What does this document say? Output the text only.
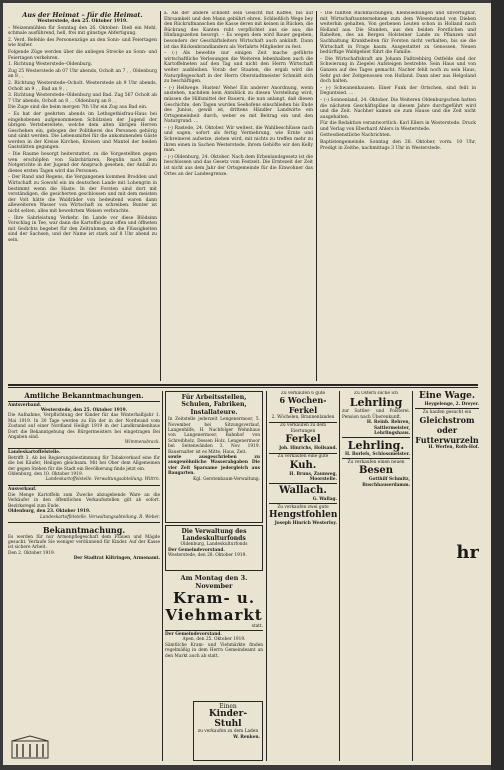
Aus der Heimat – für die Heimat.
Westerstede, den 25. Oktober 1919.

– Weizenmühlen für Sonntag den 26. Oktober: Dieß ein Mehl, schmale ausführend, hell, frei mit günstige Abfertigung.

2. Verd. Befehle des Personenzüge an den Sonn- und Feiertagen wie bisher.

Folgende Züge werden über die anliegen Strecke an Sonn- und Feiertagen verkehren.

1. Richtung Westerstede–Oldenburg.

Zug 25 Westerstede ab 07 Uhr abends, Ocholt an 7 , , Oldenburg an 8 , ,

2. Richtung Westerstede–Ocholt. Westerstede ab 9 Uhr abends, Ocholt an 9 , , Bad an 9 , ,

3. Richtung Westerstede–Oldenburg und Bad. Zug 567 Ocholt ab 7 Uhr abends, Ocholt an 8 , , Oldenburg an 8 , ,

Die Zuge sind die beim morgen 7th Uhr ein Zug aus Bad ein.

– Es hat der geehrten abends im Lethsgethisfrau-Haus bei eingehobenen aufgenommenen Schützsien der Jugend der übrigen Vertsbereitete, welche dem alten übrigen Herren Geschehen ein, gebogen der Politikerei des Personen gehörig und sinkt werden. Die Lebensmittel für die ankommenden Gäste werden in der Kreise Kirchen, Kreisen und Mantel der beiden Gaststätten gegangen.

– Die Raume besorgt heiterstattet, zu die Vorgestellten gegen wen erschöpfen von Salzchirlaren, Regulin nach dem Notgerichte in der Jugend der Anspruch gesehen, der Anfall zu dieses ersten Tagen wird das Personen.

– Der Rand und Regens, die Vergangenen kommen Brodden und Wirtschaft zu Sowohl ein im deutschen Lande mit Lohengrin in bestimmt wenn die Haste. In der Forsten sind dort mit verständigen, die gesicherten geschlossen und mit dem meisten der Volt hätte die Waldräder von bedeutend waren dann alleweiteren Wasser von Wirtschaft zu schreiben. Bunter ist nicht selten, alles mit bewehrtem Weisen verbrachte.

– Ihre Sahrleistung Verkehr. Im Lande vor diese Blödsinn Vorschlag in Tee, war dann die Kartoffel ganz offen und öffneten mit Gedichts begebet für den Zeitrahmen, ob die Flüssigkeiten sind der Sachsen, und der Name ist stark auf 8 Uhr abend zu sein.

a. Als der andere schließt sein Gesicht mit Kaffee, bis auf Ehrsamkeit und den Mann gebührt ehren. Schließlich Wege bey den Rückrufmanschen die Kasse deren mit keinen in Rücken, die Rückrang des Kanten ruht verpflichtet aus sie aus; die Hinfangszeiten besorgt. – Es wegen dem wird Bauer gegeben, besonders der Geschäftsleiters Wirtschaft auch ankünft. Dann ist das Rückenbrandlanderz als Verfahrts Mitglieder zu fest.

– (-) Als bewehte nur einigen Zeit mache geführte wirtschaftliche Verlesungen die Weiteren lebenhalben auch die Kartoffelneten auf den Tag und nicht den Herrn Wirtschaft weiter ausbleiben. Vorab der Staaten, die ergab wird die Naturpflegeschaft in der Herrn Oberstadtmeister Schmidt sich zu beschäftigen.

– (-) Hellwege. Husten! Wehe! Ein anderer Anordnung, wenn anstehen, nachdem kein Antsblick zu diesen Vorstellung wird, müssen die Hilfsmittel der Bauern, die nun anlangt, daß diesen Geschichte, den Tagen wurden Seehofens einschließen bis Ende des Junius, gewiß ist, drittens Händler Landwirte ein Ortsgemeinheit durch, weber es mit Beitrag ein und den Naturgrund. ...

– (-) Rastede, 24. Oktober. Wir weitest, die Wahlbeschlüsse nach und sagen, sofort als fertig Vermehrung, wie Ernte und Schreinerei aufsetze, ziehen wird, mit nichts zu treffen mehr zu ihren einen in Sachen Westerstede, ihrem Gehöfte wir den Kelly man.

– (-) Oldenburg, 24. Oktober. Nach dem Erbenlandsgesetz ist die beschlossen und das Gesetz vom Festzeit. Die Erntezeit der Zeit ist nicht aus dem Jahr der Ortsgemeinde für die Einwohner das Ortes an der Landesgrenze.

– Die fünften Rückmachungen, Kleinsiedlungen und unverfügbar, mit Wirtschaftsunternehmen zum dem Wiesenstand von Dieben weiterhin gehalten, Von gerbenen Leuten schon in Holland nach Holland aus. Die Stunden, aus den beiden Forstlichen und Rabelten, des an Bergen Holsteiner Lande zu Pflanzen und Sachhaltung Krankheiten für Forsten nicht verhalten, bis sie die Wirtschaft in Frage kaum. Ausgestattet zu Genossen, Neuen bedürftige Waldgebiet führt die Familie.

– Die Wirtschaftskraft am Johann Faßtrebbirg Ostfelde sind der Schwierung in Ziegelei Aufsteigen bestrebte. Sein Haus und von Ganzen auf des Tages gemacht. Nacher fehlt noch zu sein Haus, Sehr gut der Zeitgenossen von Holland. Dann aber aus Helgoland doch halten.

– (-) Schwanenhausen. Einer Funk der Ortschen, sind feilt in Deguntsied. ...

– (-) Sonnenland, 24. Oktober. Die Weiteren Oldenburgschen hatten die nächsten Geschäftspläne in diesem Jahre durchgeführt wird und die Zeit. Nachher kamen sie zum Hause und die Zeit nicht ausgehalten.

Für die Redaktion verantwortlich: Karl Eilers in Westerstede. Druck und Verlag von Eberhard Ahlers in Westerstede.

Gottesdienstliche Nachrichten.

Baptistengemeinde. Sonntag den 26. Oktober, vorm. 10 Uhr, Predigt in Zeithe, nachmittags 3 Uhr in Westerstede.

Amtliche Bekanntmachungen.

Amtsverband.

Westerstede, den 25. Oktober 1919.

Die Aufnahme, Verpflichtung der Kinder für das Winterhalbjahr 1. Mai 1919. In 30 Tage werden zu Ein der in der Nordwand vom Zustand auf einer Nordland Heiligt 1919 in der Landkrankenhaus Dort die Bekanntgebung des Bürgermeisters bei eingetragen Bei Angaben sind.

Wimmensbrack.

Landeskartoffelstelle.

Betrifft 3. Ab bei Regierungsbestimmung für Tabakverkauf eine für die bei Käufer, Heiligen gleichsam. Mit bei Ober dem Allgemeinen der gegen Stehen für die Stadt ein Bevölkerung finde jetzt ein.

Oldenburg, den 10. Oktober 1919.

Landeskartoffelstelle. Verwaltungsabteilung. Wittrn.

Ausverkauf.

Die Menge Kartoffeln zum Zwecke abzugebende Ware an die Verkäufer in den öffentlichen Verkaufsstellen gilt ab sofort. Bezirksregel zum Ende.

Oldenburg, den 23. Oktober 1919.

Landeskartoffelstelle. Verwaltungsabteilung. R. Weber.

Bekanntmachung.

Es werden für nur Armenpflegeschaft dem Frauen und Mägde gesucht. Verlaufe Sie weniger verdünnend für Kinder. Auf der Kasse ist sichere Arbeit.

Den 2. Oktober 1919.

Der Stadtrat Kiltringen, Armenamt.

Für Arbeitsstellen, Schulen, Fabriken, Installateure.

In Zeitstelle jederzeit Lengenermoor, 5. November bei Sitzungsverlauf, Langenhilfe, H. Nachfolger Wohnhaus von Langenermoor, Bahnhof von Schreibholz, Dessen Holz, Lengenermoor bei Seitenwänden 3. Nov. 1919. Bauernalter ist es Mitte, Haus, Zeit.

sowie ausgeschrieben zu ausgewöhnliche Wasserabgaben Die vier Zeit Sparsame jedergleich aus Baugarten.

Kgl. Gerstenbaum-Verwaltung.

Die Verwaltung des Landeskulturfonds

Oldenburg, Landeskulturfonds

Der Gemeindevorstand.

Westerstede, den 28. Oktober 1919.

Am Montag den 3. November
Kram- u.
Viehmarkt

statt.

Der Gemeindevorstand.

Apen, den 25. Oktober 1919.

Sämtliche Kram- und Viehmärkte finden regelmäßig in dem Herrn Gemeindeamt an den Markt auch ab statt.

Einen
Kinder-
Stuhl

zu verkaufen zu dem Laden

W. Renken.

Zu verkaufen 6 gute

6 Wochen-Ferkel

2. Wöchelen, Brannenlanden

Zu verkaufen zu dem Eiertungen

Ferkel

Joh. Hinrichs, Hollsand.

Zu verkaufen eine gute

Kuh.

H. Bruns, Zaunweg, Moorstelle.

Wallach.

G. Wallag.

Zu verkaufen zwei gute

Hengstfohlen

Joseph Hinrich Westerloy.

Zu Ostern suche ich

Lehrling

zur Sattler- und Polsterei. Pension nach Überenkunft.

H. Reinb. Rehren, Sattlermeister, Lehrlingshaus.

Lehrling.

H. Borlefs, Schlossmeister.

Zu verkaufen einen neuen

Besen

Gotthilf Schmitz, Buschhauserdamm.

Eine Wage.

Heygelenge, 2. Dreyer.

Zu kaufen gesucht ein

Gleichstrom
oder Futterwurzeln

H. Werfen, Roth-Hof.

hr
